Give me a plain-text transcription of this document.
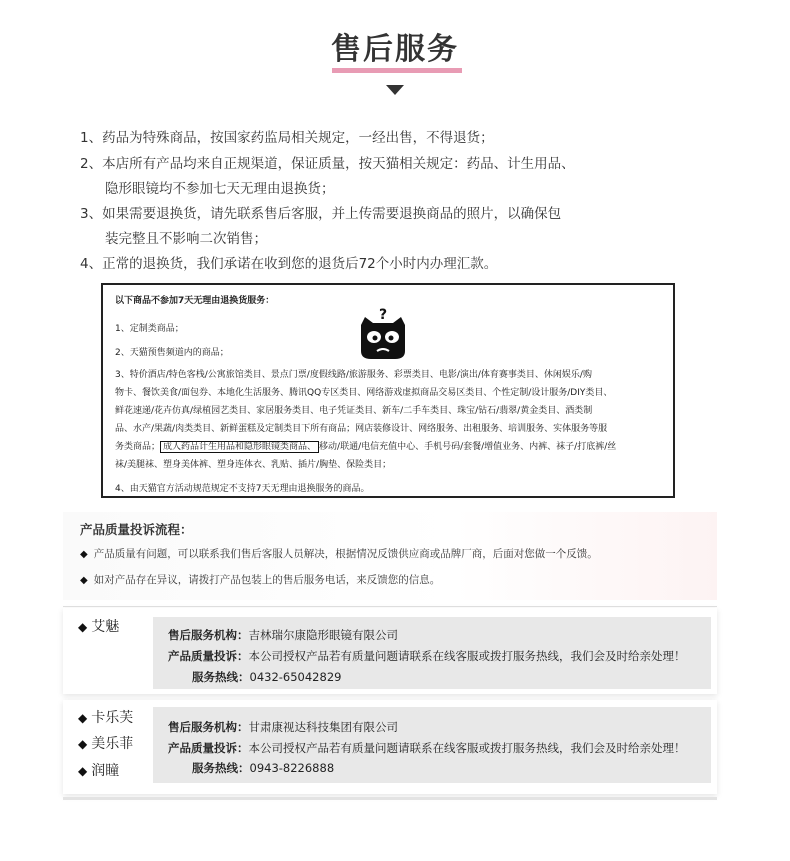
售后服务
1、药品为特殊商品，按国家药监局相关规定，一经出售，不得退货；
2、本店所有产品均来自正规渠道，保证质量，按天猫相关规定：药品、计生用品、
隐形眼镜均不参加七天无理由退换货；
3、如果需要退换货，请先联系售后客服，并上传需要退换商品的照片，以确保包
装完整且不影响二次销售；
4、正常的退换货，我们承诺在收到您的退货后72个小时内办理汇款。
以下商品不参加7天无理由退换货服务：
1、定制类商品；
2、天猫预售频道内的商品；
?
3、特价酒店/特色客栈/公寓旅馆类目、景点门票/度假线路/旅游服务、彩票类目、电影/演出/体育赛事类目、休闲娱乐/购
物卡、餐饮美食/面包券、本地化生活服务、腾讯QQ专区类目、网络游戏虚拟商品交易区类目、个性定制/设计服务/DIY类目、
鲜花速递/花卉仿真/绿植园艺类目、家居服务类目、电子凭证类目、新车/二手车类目、珠宝/钻石/翡翠/黄金类目、酒类制
品、水产/果蔬/肉类类目、新鲜蛋糕及定制类目下所有商品；网店装修设计、网络服务、出租服务、培训服务、实体服务等服
务类商品； 成人药品计生用品和隐形眼镜类商品、 移动/联通/电信充值中心、手机号码/套餐/增值业务、内裤、袜子/打底裤/丝
袜/美腿袜、塑身美体裤、塑身连体衣、乳贴、插片/胸垫、保险类目；
4、由天猫官方活动规范规定不支持7天无理由退换服务的商品。
产品质量投诉流程：
◆ 产品质量有问题，可以联系我们售后客服人员解决，根据情况反馈供应商或品牌厂商，后面对您做一个反馈。
◆ 如对产品存在异议，请拨打产品包装上的售后服务电话，来反馈您的信息。
◆ 艾魅	售后服务机构：吉林瑞尔康隐形眼镜有限公司
产品质量投诉：本公司授权产品若有质量问题请联系在线客服或拨打服务热线，我们会及时给亲处理！
服务热线：0432-65042829
◆ 卡乐芙
◆ 美乐菲
◆ 润瞳
售后服务机构：甘肃康视达科技集团有限公司
产品质量投诉：本公司授权产品若有质量问题请联系在线客服或拨打服务热线，我们会及时给亲处理！
服务热线：0943-8226888
